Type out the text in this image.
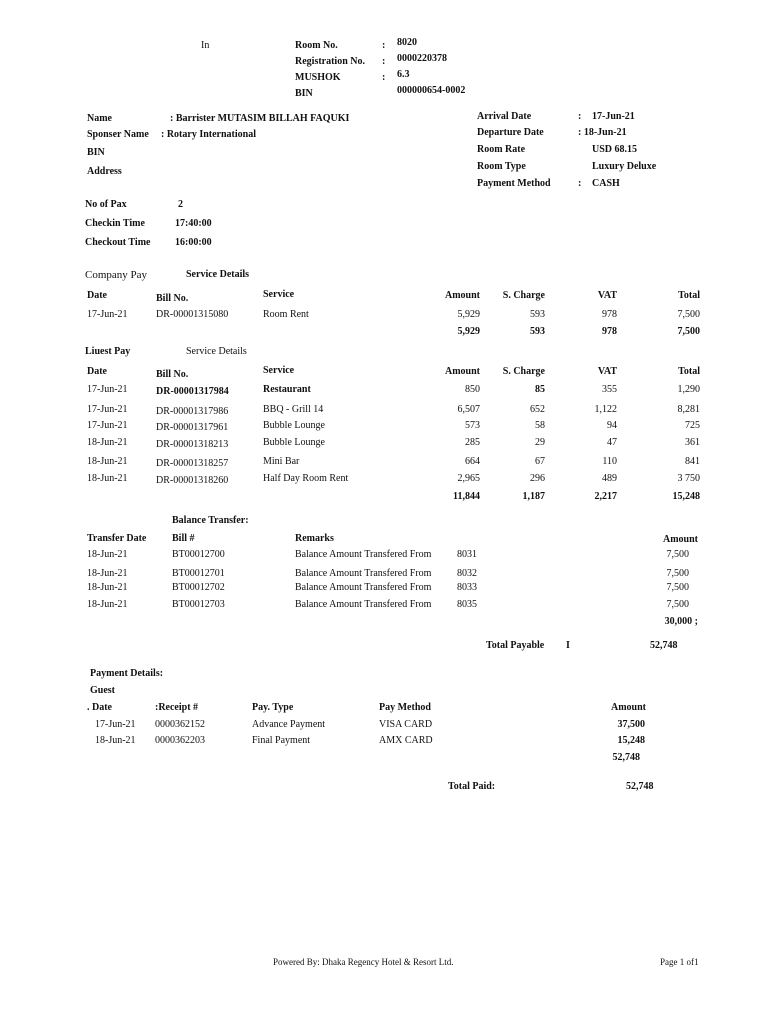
In	Room No.	: 8020
Registration No. : 0000220378
MUSHOK	: 6.3
BIN	000000654-0002
Name	: Barrister MUTASIM BILLAH FAQUKI
Sponser Name : Rotary International
BIN
Address
Arrival Date	: 17-Jun-21
Departure Date	: 18-Jun-21
Room Rate	USD 68.15
Room Type	Luxury Deluxe
Payment Method	: CASH
No of Pax	2
Checkin Time	17:40:00
Checkout Time 16:00:00
Company Pay	Service Details
Date	Bill No.	Service	Amount	S. Charge	VAT	Total
17-Jun-21	DR-00001315080	Room Rent	5,929	593	978	7,500
5,929	593	978	7,500
Liuest Pay	Service Details
Date	Bill No.	Service	Amount	S. Charge	VAT	Total
17-Jun-21	DR-00001317984	Restaurant	850	85	355	1,290
17-Jun-21	DR-00001317986	BBQ - Grill 14	6,507	652	1,122	8,281
17-Jun-21	DR-00001317961	Bubble Lounge	573	58	94	725
18-Jun-21	DR-00001318213	Bubble Lounge	285	29	47	361
18-Jun-21	DR-00001318257	Mini Bar	664	67	110	841
18-Jun-21	DR-00001318260	Half Day Room Rent	2,965	296	489	3 750
11,844	1,187	2,217	15,248
Balance Transfer:
Transfer Date	Bill #	Remarks	Amount
18-Jun-21	BT00012700	Balance Amount Transfered From	8031	7,500
18-Jun-21	BT00012701	Balance Amount Transfered From	8032	7,500
18-Jun-21	BT00012702	Balance Amount Transfered From	8033	7,500
18-Jun-21	BT00012703	Balance Amount Transfered From	8035	7,500
30,000 ;
Total Payable I	52,748
Payment Details:
Guest
. Date	:Receipt #	Pay. Type	Pay Method	Amount
17-Jun-21 0000362152	Advance Payment	VISA CARD	37,500
18-Jun-21 0000362203	Final Payment	AMX CARD	15,248
52,748
Total Paid:	52,748
Powered By: Dhaka Regency Hotel & Resort Ltd.	Page 1 of1
